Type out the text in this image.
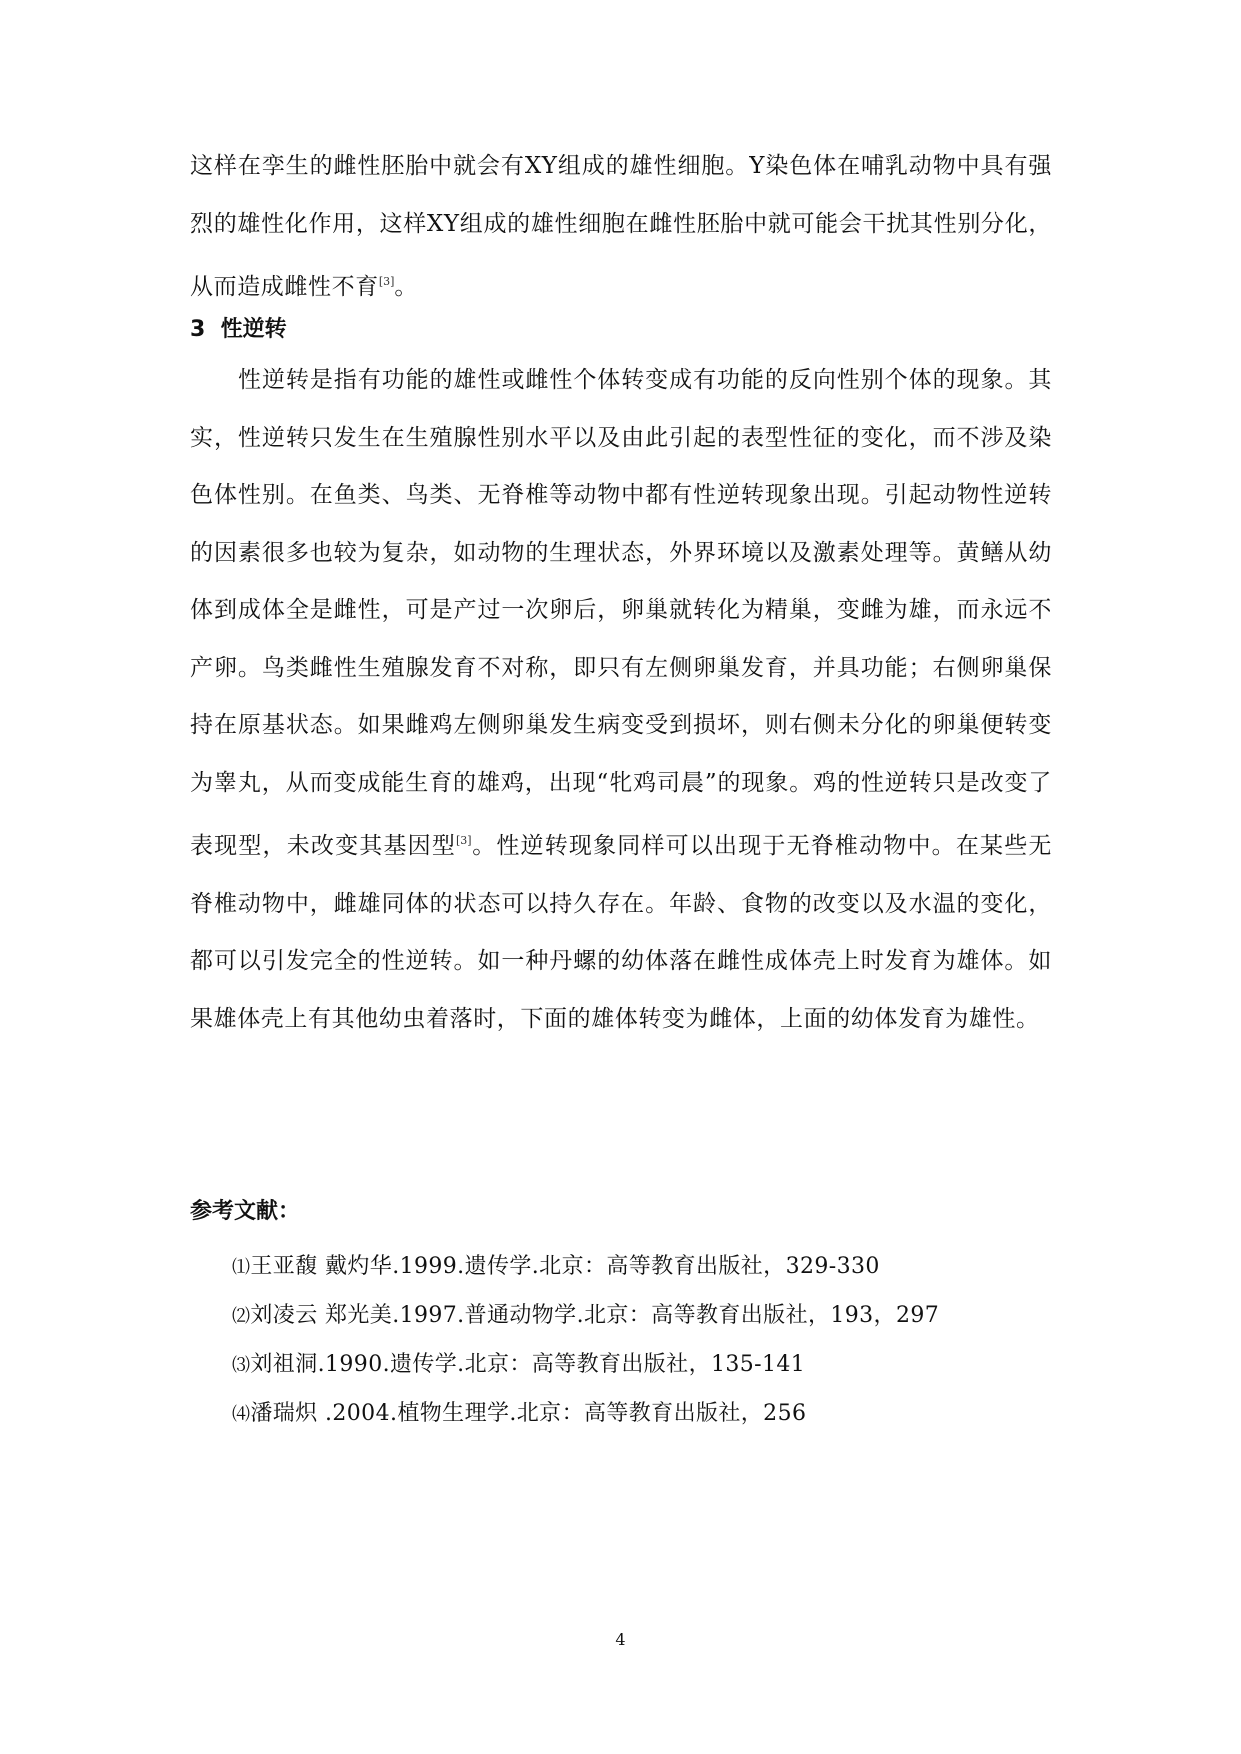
这样在孪生的雌性胚胎中就会有XY组成的雄性细胞。Y染色体在哺乳动物中具有强烈的雄性化作用，这样XY组成的雄性细胞在雌性胚胎中就可能会干扰其性别分化，从而造成雌性不育[3]。

3 性逆转

性逆转是指有功能的雄性或雌性个体转变成有功能的反向性别个体的现象。其实，性逆转只发生在生殖腺性别水平以及由此引起的表型性征的变化，而不涉及染色体性别。在鱼类、鸟类、无脊椎等动物中都有性逆转现象出现。引起动物性逆转的因素很多也较为复杂，如动物的生理状态，外界环境以及激素处理等。黄鳝从幼体到成体全是雌性，可是产过一次卵后，卵巢就转化为精巢，变雌为雄，而永远不产卵。鸟类雌性生殖腺发育不对称，即只有左侧卵巢发育，并具功能；右侧卵巢保持在原基状态。如果雌鸡左侧卵巢发生病变受到损坏，则右侧未分化的卵巢便转变为睾丸，从而变成能生育的雄鸡，出现“牝鸡司晨”的现象。鸡的性逆转只是改变了表现型，未改变其基因型[3]。性逆转现象同样可以出现于无脊椎动物中。在某些无脊椎动物中，雌雄同体的状态可以持久存在。年龄、食物的改变以及水温的变化，都可以引发完全的性逆转。如一种丹螺的幼体落在雌性成体壳上时发育为雄体。如果雄体壳上有其他幼虫着落时，下面的雄体转变为雌体，上面的幼体发育为雄性。

参考文献：
⑴王亚馥 戴灼华.1999.遗传学.北京：高等教育出版社，329-330
⑵刘凌云 郑光美.1997.普通动物学.北京：高等教育出版社，193，297
⑶刘祖洞.1990.遗传学.北京：高等教育出版社，135-141
⑷潘瑞炽 .2004.植物生理学.北京：高等教育出版社，256

4
